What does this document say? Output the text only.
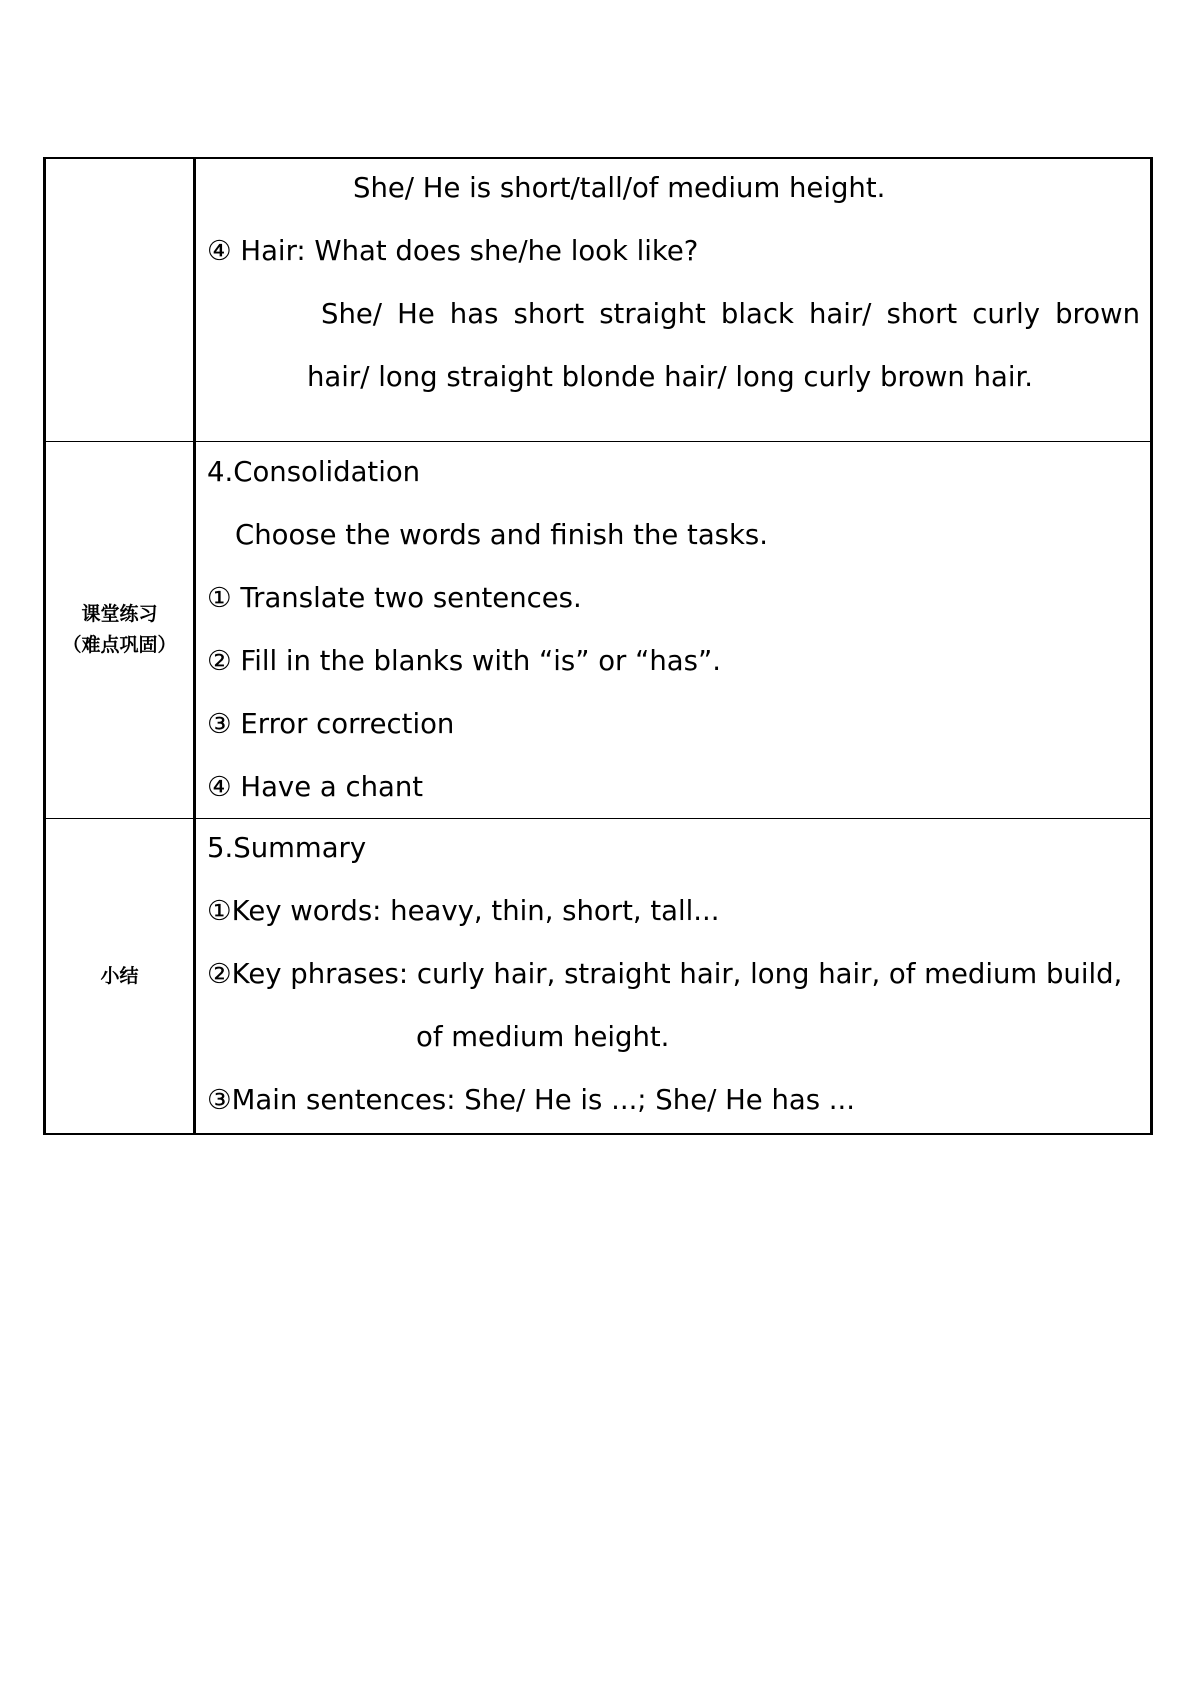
She/ He is short/tall/of medium height.

④ Hair: What does she/he look like?

She/ He has short straight black hair/ short curly brown

hair/ long straight blonde hair/ long curly brown hair.

课堂练习
（难点巩固）

4.Consolidation

Choose the words and finish the tasks.

① Translate two sentences.

② Fill in the blanks with “is” or “has”.

③ Error correction

④ Have a chant

小结

5.Summary

①Key words: heavy, thin, short, tall...

②Key phrases: curly hair, straight hair, long hair, of medium build,

of medium height.

③Main sentences: She/ He is ...; She/ He has ...
